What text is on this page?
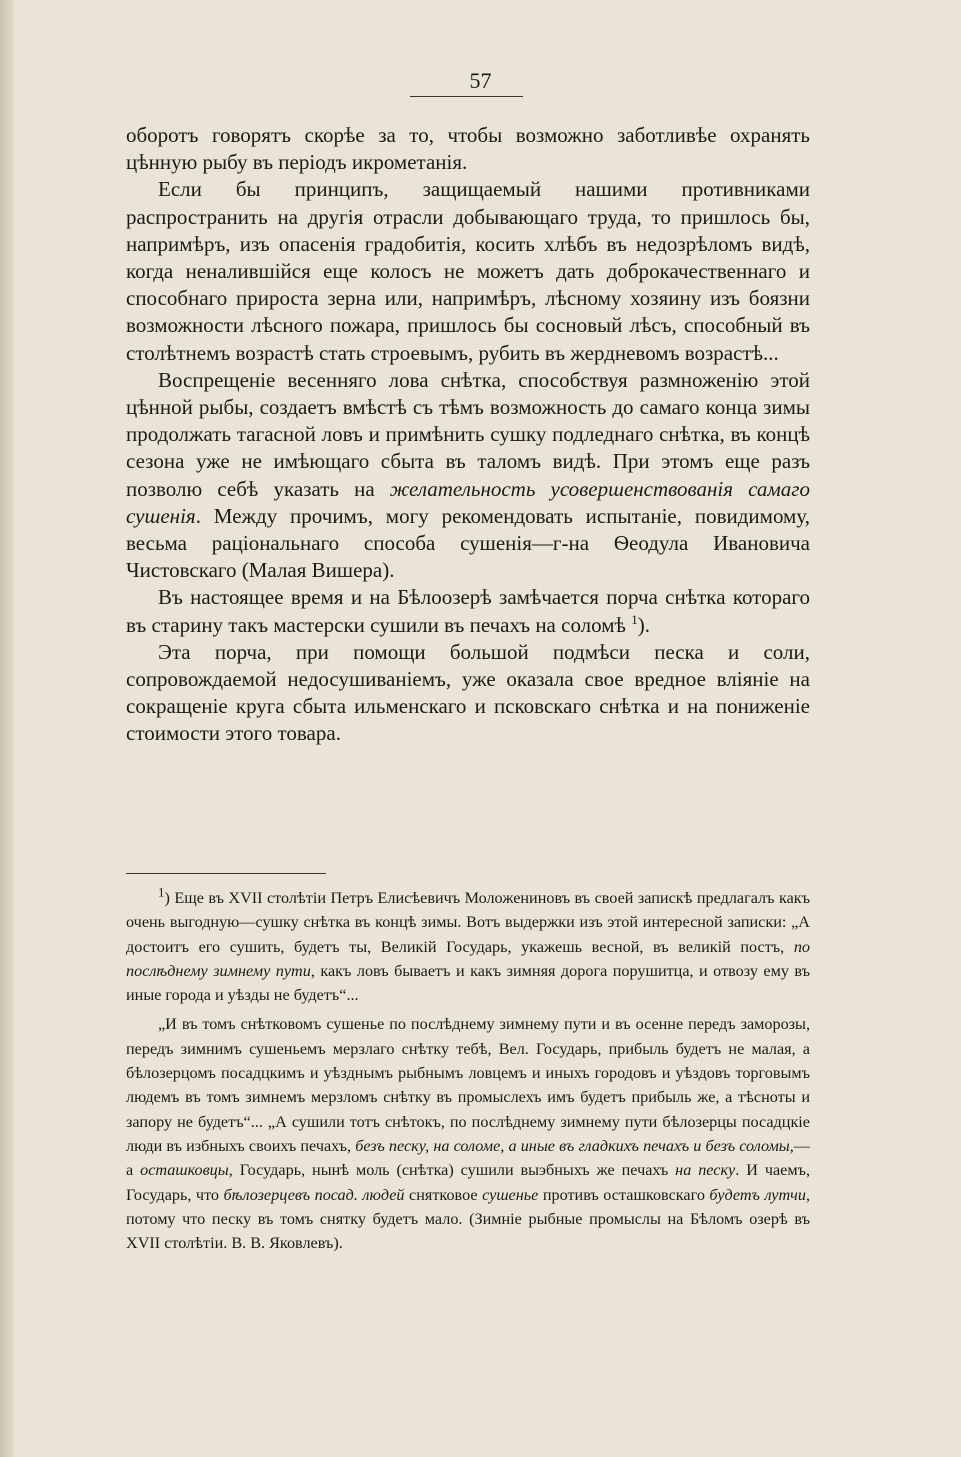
57

оборотъ говорятъ скорѣе за то, чтобы возможно заботливѣе охранять цѣнную рыбу въ періодъ икрометанія.

Если бы принципъ, защищаемый нашими противниками распространить на другія отрасли добывающаго труда, то пришлось бы, напримѣръ, изъ опасенія градобитія, косить хлѣбъ въ недозрѣломъ видѣ, когда неналившійся еще колосъ не можетъ дать доброкачественнаго и способнаго прироста зерна или, напримѣръ, лѣсному хозяину изъ боязни возможности лѣсного пожара, пришлось бы сосновый лѣсъ, способный въ столѣтнемъ возрастѣ стать строевымъ, рубить въ жердневомъ возрастѣ...

Воспрещеніе весенняго лова снѣтка, способствуя размноженію этой цѣнной рыбы, создаетъ вмѣстѣ съ тѣмъ возможность до самаго конца зимы продолжать тагасной ловъ и примѣнить сушку подледнаго снѣтка, въ концѣ сезона уже не имѣющаго сбыта въ таломъ видѣ. При этомъ еще разъ позволю себѣ указать на желательность усовершенствованія самаго сушенія. Между прочимъ, могу рекомендовать испытаніе, повидимому, весьма раціональнаго способа сушенія—г-на Ѳеодула Ивановича Чистовскаго (Малая Вишера).

Въ настоящее время и на Бѣлоозерѣ замѣчается порча снѣтка котораго въ старину такъ мастерски сушили въ печахъ на соломѣ $^1$).

Эта порча, при помощи большой подмѣси песка и соли, сопровождаемой недосушиваніемъ, уже оказала свое вредное вліяніе на сокращеніе круга сбыта ильменскаго и псковскаго снѣтка и на пониженіе стоимости этого товара.

$^1$) Еще въ XVII столѣтіи Петръ Елисѣевичъ Моложениновъ въ своей запискѣ предлагалъ какъ очень выгодную—сушку снѣтка въ концѣ зимы. Вотъ выдержки изъ этой интересной записки: „А достоитъ его сушить, будетъ ты, Великій Государь, укажешь весной, въ великій постъ, по послѣднему зимнему пути, какъ ловъ бываетъ и какъ зимняя дорога порушитца, и отвозу ему въ иные города и уѣзды не будетъ“...

„И въ томъ снѣтковомъ сушенье по послѣднему зимнему пути и въ осенне передъ заморозы, передъ зимнимъ сушеньемъ мерзлаго снѣтку тебѣ, Вел. Государь, прибыль будетъ не малая, а бѣлозерцомъ посадцкимъ и уѣзднымъ рыбнымъ ловцемъ и иныхъ городовъ и уѣздовъ торговымъ людемъ въ томъ зимнемъ мерзломъ снѣтку въ промыслехъ имъ будетъ прибыль же, а тѣсноты и запору не будетъ“... „А сушили тотъ снѣтокъ, по послѣднему зимнему пути бѣлозерцы посадцкіе люди въ избныхъ своихъ печахъ, безъ песку, на соломе, а иные въ гладкихъ печахъ и безъ соломы,—а осташковцы, Государь, нынѣ моль (снѣтка) сушили выэбныхъ же печахъ на песку. И чаемъ, Государь, что бѣлозерцевъ посад. людей снятковое сушенье противъ осташковскаго будетъ лутчи, потому что песку въ томъ снятку будетъ мало. (Зимніе рыбные промыслы на Бѣломъ озерѣ въ XVII столѣтіи. В. В. Яковлевъ).
